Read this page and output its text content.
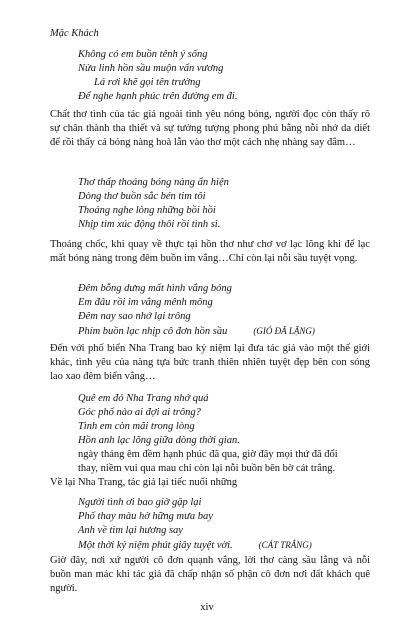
Mặc Khách
Không có em buồn tênh ý sống
Nửa linh hồn sầu muộn vấn vương
Lá rơi khẽ gọi tên trường
Để nghe hạnh phúc trên đường em đi.
Chất thơ tình của tác giả ngoài tình yêu nóng bỏng, người đọc còn thấy rõ sự chân thành tha thiết và sự tưởng tượng phong phú bằng nỗi nhớ da diết để rồi thấy cả bóng nàng hoà lẫn vào thơ một cách nhẹ nhàng say đắm…
Thơ thấp thoáng bóng nàng ẩn hiện
Dòng thơ buồn sắc bén tim tôi
Thoảng nghe lòng những bồi hồi
Nhịp tim xúc động thôi rồi tình si.
Thoáng chốc, khi quay về thực tại hồn thơ như chơ vơ lạc lõng khi để lạc mất bóng nàng trong đêm buồn im vắng…Chỉ còn lại nỗi sầu tuyệt vọng.
Đêm bỗng dưng mất hình vắng bóng
Em đâu rồi im vắng mênh mông
Đêm nay sao nhớ lại trông
Phím buồn lạc nhịp cô đơn hồn sầu	(GIÓ ĐÃ LẶNG)
Đến với phố biển Nha Trang bao kỷ niệm lại đưa tác giả vào một thế giới khác, tình yêu của nàng tựa bức tranh thiên nhiên tuyệt đẹp bên con sóng lao xao đêm biển vắng…
Quê em đó Nha Trang nhớ quá
Góc phố nào ai đợi ai trông?
Tình em còn mãi trong lòng
Hồn anh lạc lõng giữa dòng thời gian.
ngày tháng êm đềm hạnh phúc đã qua, giờ đây mọi thứ đã đổi
thay, niềm vui qua mau chỉ còn lại nỗi buồn bên bờ cát trắng.
Về lại Nha Trang, tác giả lại tiếc nuối những
Người tình ơi bao giờ gặp lại
Phố thay màu hờ hững mưa bay
Anh về tìm lại hương say
Một thời kỷ niệm phút giây tuyệt vời.	(CÁT TRẮNG)
Giờ đây, nơi xứ người cô đơn quạnh vắng, lời thơ càng sầu lắng và nỗi buồn man mác khi tác giả đã chấp nhận số phận cô đơn nơi đất khách quê người.
xiv
